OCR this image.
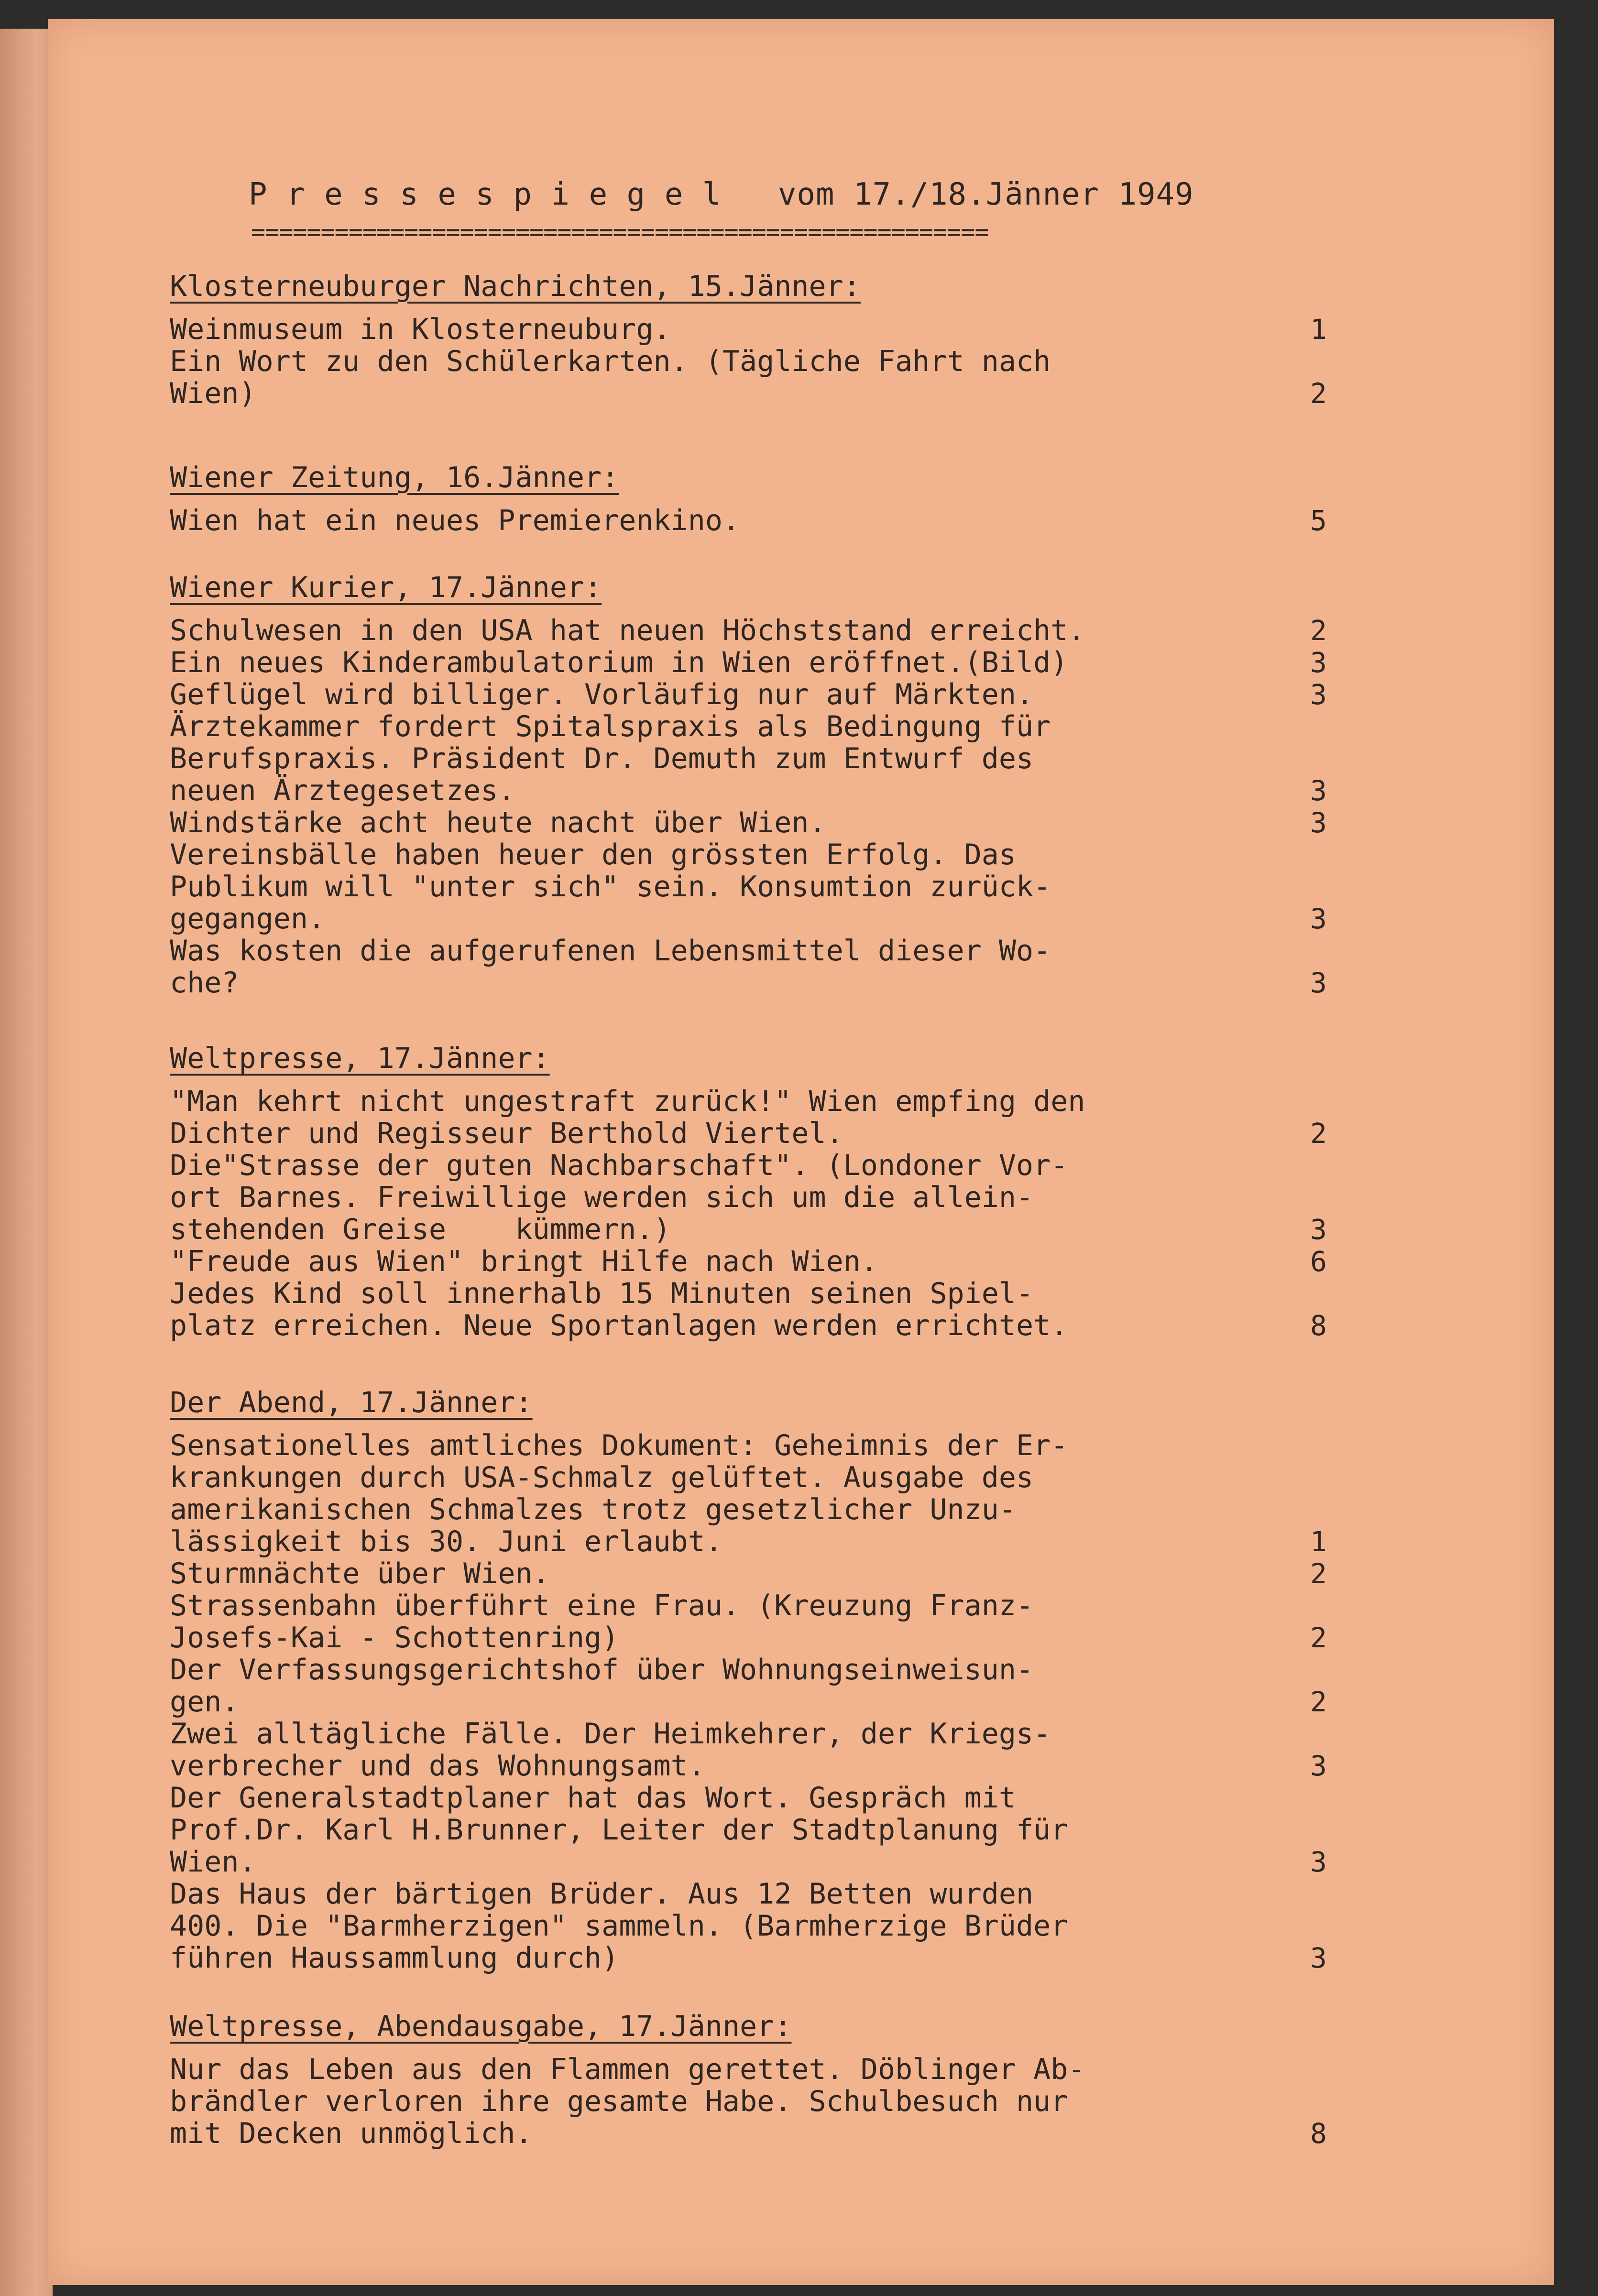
P r e s s e s p i e g e l vom 17./18.Jänner 1949
=====================================================
Klosterneuburger Nachrichten, 15.Jänner:
Weinmuseum in Klosterneuburg.	1
Ein Wort zu den Schülerkarten. (Tägliche Fahrt nach
Wien)	2
Wiener Zeitung, 16.Jänner:
Wien hat ein neues Premierenkino.	5
Wiener Kurier, 17.Jänner:
Schulwesen in den USA hat neuen Höchststand erreicht.	2
Ein neues Kinderambulatorium in Wien eröffnet.(Bild)	3
Geflügel wird billiger. Vorläufig nur auf Märkten.	3
Ärztekammer fordert Spitalspraxis als Bedingung für
Berufspraxis. Präsident Dr. Demuth zum Entwurf des
neuen Ärztegesetzes.	3
Windstärke acht heute nacht über Wien.	3
Vereinsbälle haben heuer den grössten Erfolg. Das
Publikum will "unter sich" sein. Konsumtion zurück-
gegangen.	3
Was kosten die aufgerufenen Lebensmittel dieser Wo-
che?	3
Weltpresse, 17.Jänner:
"Man kehrt nicht ungestraft zurück!" Wien empfing den
Dichter und Regisseur Berthold Viertel.	2
Die"Strasse der guten Nachbarschaft". (Londoner Vor-
ort Barnes. Freiwillige werden sich um die allein-
stehenden Greise    kümmern.)	3
"Freude aus Wien" bringt Hilfe nach Wien.	6
Jedes Kind soll innerhalb 15 Minuten seinen Spiel-
platz erreichen. Neue Sportanlagen werden errichtet.	8
Der Abend, 17.Jänner:
Sensationelles amtliches Dokument: Geheimnis der Er-
krankungen durch USA-Schmalz gelüftet. Ausgabe des
amerikanischen Schmalzes trotz gesetzlicher Unzu-
lässigkeit bis 30. Juni erlaubt.	1
Sturmnächte über Wien.	2
Strassenbahn überführt eine Frau. (Kreuzung Franz-
Josefs-Kai - Schottenring)	2
Der Verfassungsgerichtshof über Wohnungseinweisun-
gen.	2
Zwei alltägliche Fälle. Der Heimkehrer, der Kriegs-
verbrecher und das Wohnungsamt.	3
Der Generalstadtplaner hat das Wort. Gespräch mit
Prof.Dr. Karl H.Brunner, Leiter der Stadtplanung für
Wien.	3
Das Haus der bärtigen Brüder. Aus 12 Betten wurden
400. Die "Barmherzigen" sammeln. (Barmherzige Brüder
führen Haussammlung durch)	3
Weltpresse, Abendausgabe, 17.Jänner:
Nur das Leben aus den Flammen gerettet. Döblinger Ab-
brändler verloren ihre gesamte Habe. Schulbesuch nur
mit Decken unmöglich.	8
